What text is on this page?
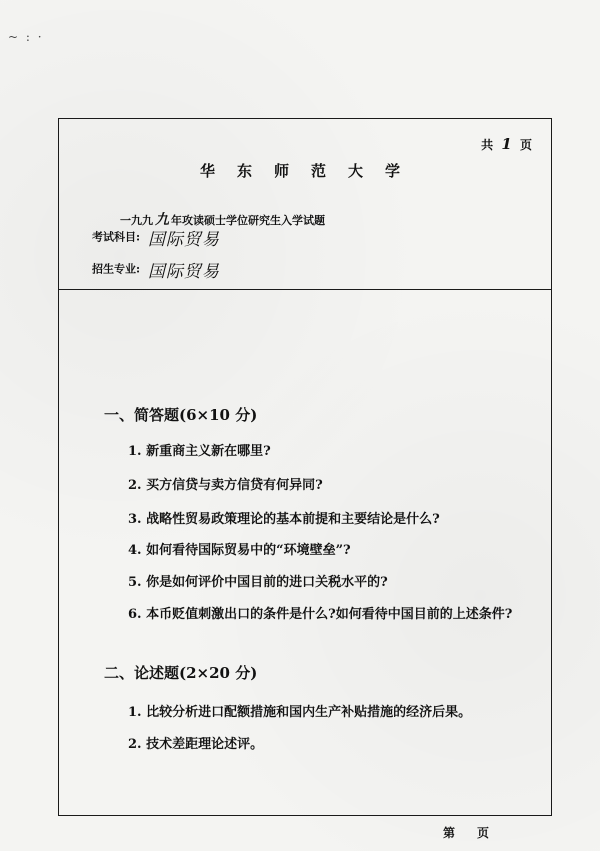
~ : ·
共 1 页
华东师范大学
一九九 九 年攻读硕士学位研究生入学试题
考试科目: 国际贸易
招生专业: 国际贸易
一、简答题(6×10 分)
1. 新重商主义新在哪里?
2. 买方信贷与卖方信贷有何异同?
3. 战略性贸易政策理论的基本前提和主要结论是什么?
4. 如何看待国际贸易中的“环境壁垒”?
5. 你是如何评价中国目前的进口关税水平的?
6. 本币贬值刺激出口的条件是什么?如何看待中国目前的上述条件?
二、论述题(2×20 分)
1. 比较分析进口配额措施和国内生产补贴措施的经济后果。
2. 技术差距理论述评。
第 页
